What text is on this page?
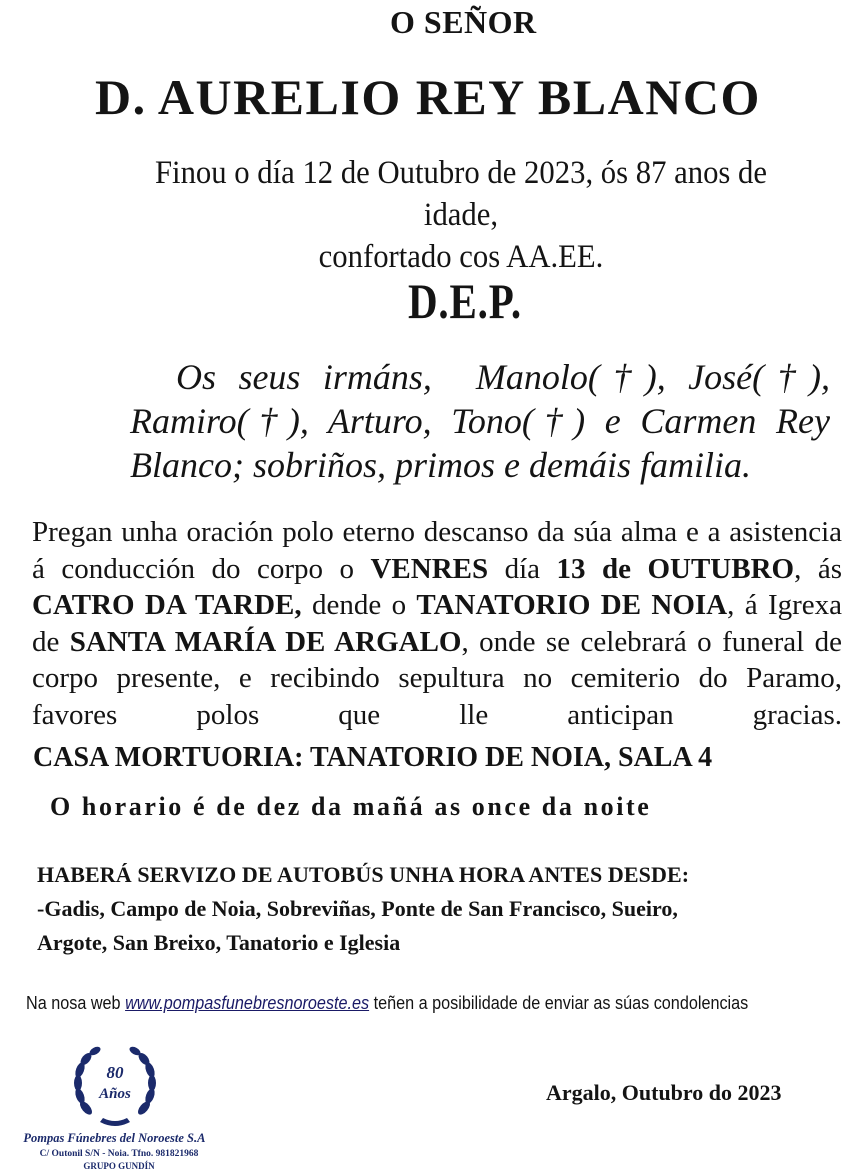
O SEÑOR
D. AURELIO REY BLANCO
Finou o día 12 de Outubro de 2023, ós 87 anos de idade,
confortado cos AA.EE.
D.E.P.
Os seus irmáns, Manolo(†), José(†), Ramiro(†), Arturo, Tono(†) e Carmen Rey Blanco; sobriños, primos e demáis familia.
Pregan unha oración polo eterno descanso da súa alma e a asistencia á conducción do corpo o VENRES día 13 de OUTUBRO, ás CATRO DA TARDE, dende o TANATORIO DE NOIA, á Igrexa de SANTA MARÍA DE ARGALO, onde se celebrará o funeral de corpo presente, e recibindo sepultura no cemiterio do Paramo, favores polos que lle anticipan gracias.
CASA MORTUORIA: TANATORIO DE NOIA, SALA 4
O horario é de dez da mañá as once da noite
HABERÁ SERVIZO DE AUTOBÚS UNHA HORA ANTES DESDE:
-Gadis, Campo de Noia, Sobreviñas, Ponte de San Francisco, Sueiro,
Argote, San Breixo, Tanatorio e Iglesia
Na nosa web www.pompasfunebresnoroeste.es teñen a posibilidade de enviar as súas condolencias
Argalo, Outubro do 2023
80
Años
Pompas Fúnebres del Noroeste S.A
C/ Outonil S/N - Noia. Tfno. 981821968
GRUPO GUNDÍN
